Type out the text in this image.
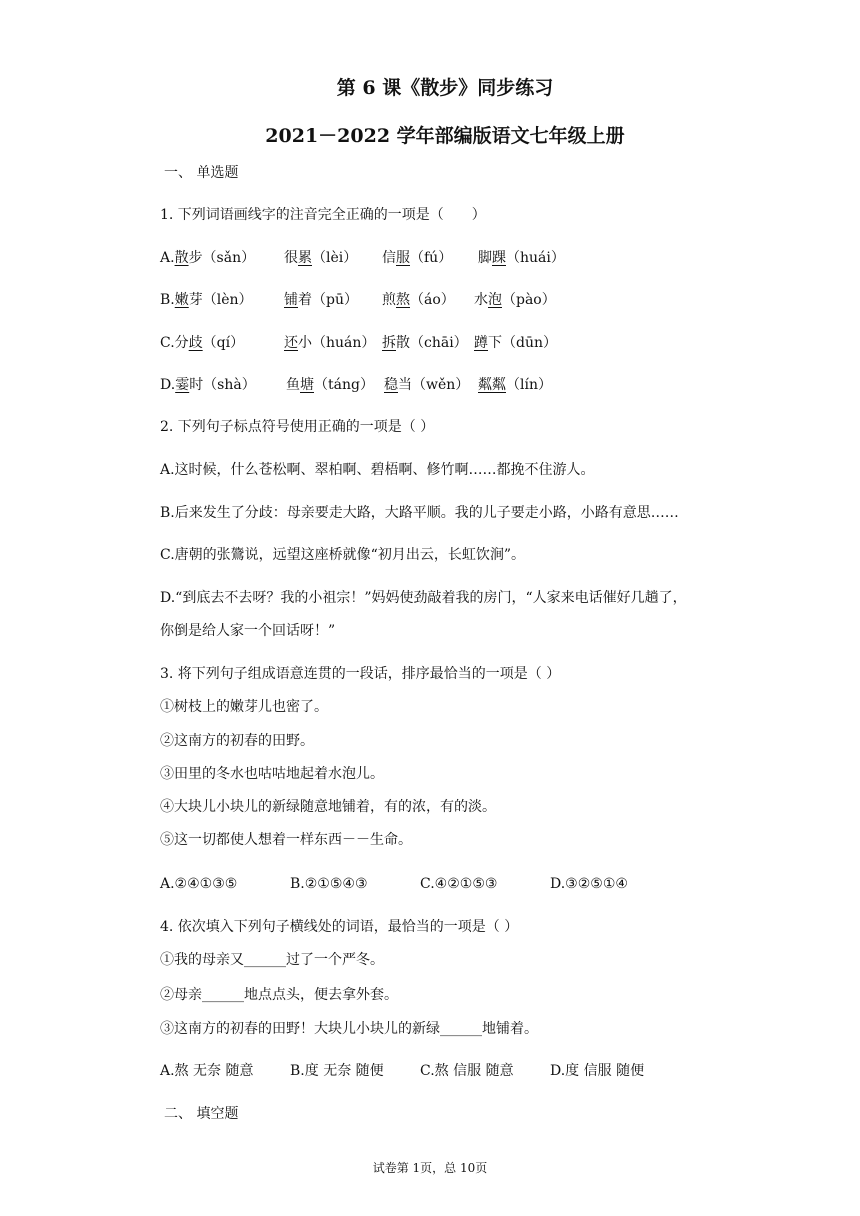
第 6 课《散步》同步练习
2021－2022 学年部编版语文七年级上册
一、 单选题
1. 下列词语画线字的注音完全正确的一项是（　　）
A.散步（sǎn） 很累（lèi） 信服（fú） 脚踝（huái）
B.嫩芽（lèn） 铺着（pū） 煎熬（áo） 水泡（pào）
C.分歧（qí）	还小（huán） 拆散（chāi） 蹲下（dūn）
D.霎时（shà） 鱼塘（táng） 稳当（wěn） 粼粼（lín）
2. 下列句子标点符号使用正确的一项是（ ）
A.这时候，什么苍松啊、翠柏啊、碧梧啊、修竹啊……都挽不住游人。
B.后来发生了分歧：母亲要走大路，大路平顺。我的儿子要走小路，小路有意思……
C.唐朝的张鷟说，远望这座桥就像“初月出云，长虹饮涧”。
D.“到底去不去呀？我的小祖宗！”妈妈使劲敲着我的房门，“人家来电话催好几趟了，
你倒是给人家一个回话呀！”
3. 将下列句子组成语意连贯的一段话，排序最恰当的一项是（ ）
①树枝上的嫩芽儿也密了。
②这南方的初春的田野。
③田里的冬水也咕咕地起着水泡儿。
④大块儿小块儿的新绿随意地铺着，有的浓，有的淡。
⑤这一切都使人想着一样东西－－生命。
A.②④①③⑤	B.②①⑤④③	C.④②①⑤③	D.③②⑤①④
4. 依次填入下列句子横线处的词语，最恰当的一项是（ ）
①我的母亲又______过了一个严冬。
②母亲______地点点头，便去拿外套。
③这南方的初春的田野！大块儿小块儿的新绿______地铺着。
A.熬 无奈 随意	B.度 无奈 随便	C.熬 信服 随意	D.度 信服 随便
二、 填空题
试卷第 1页，总 10页
